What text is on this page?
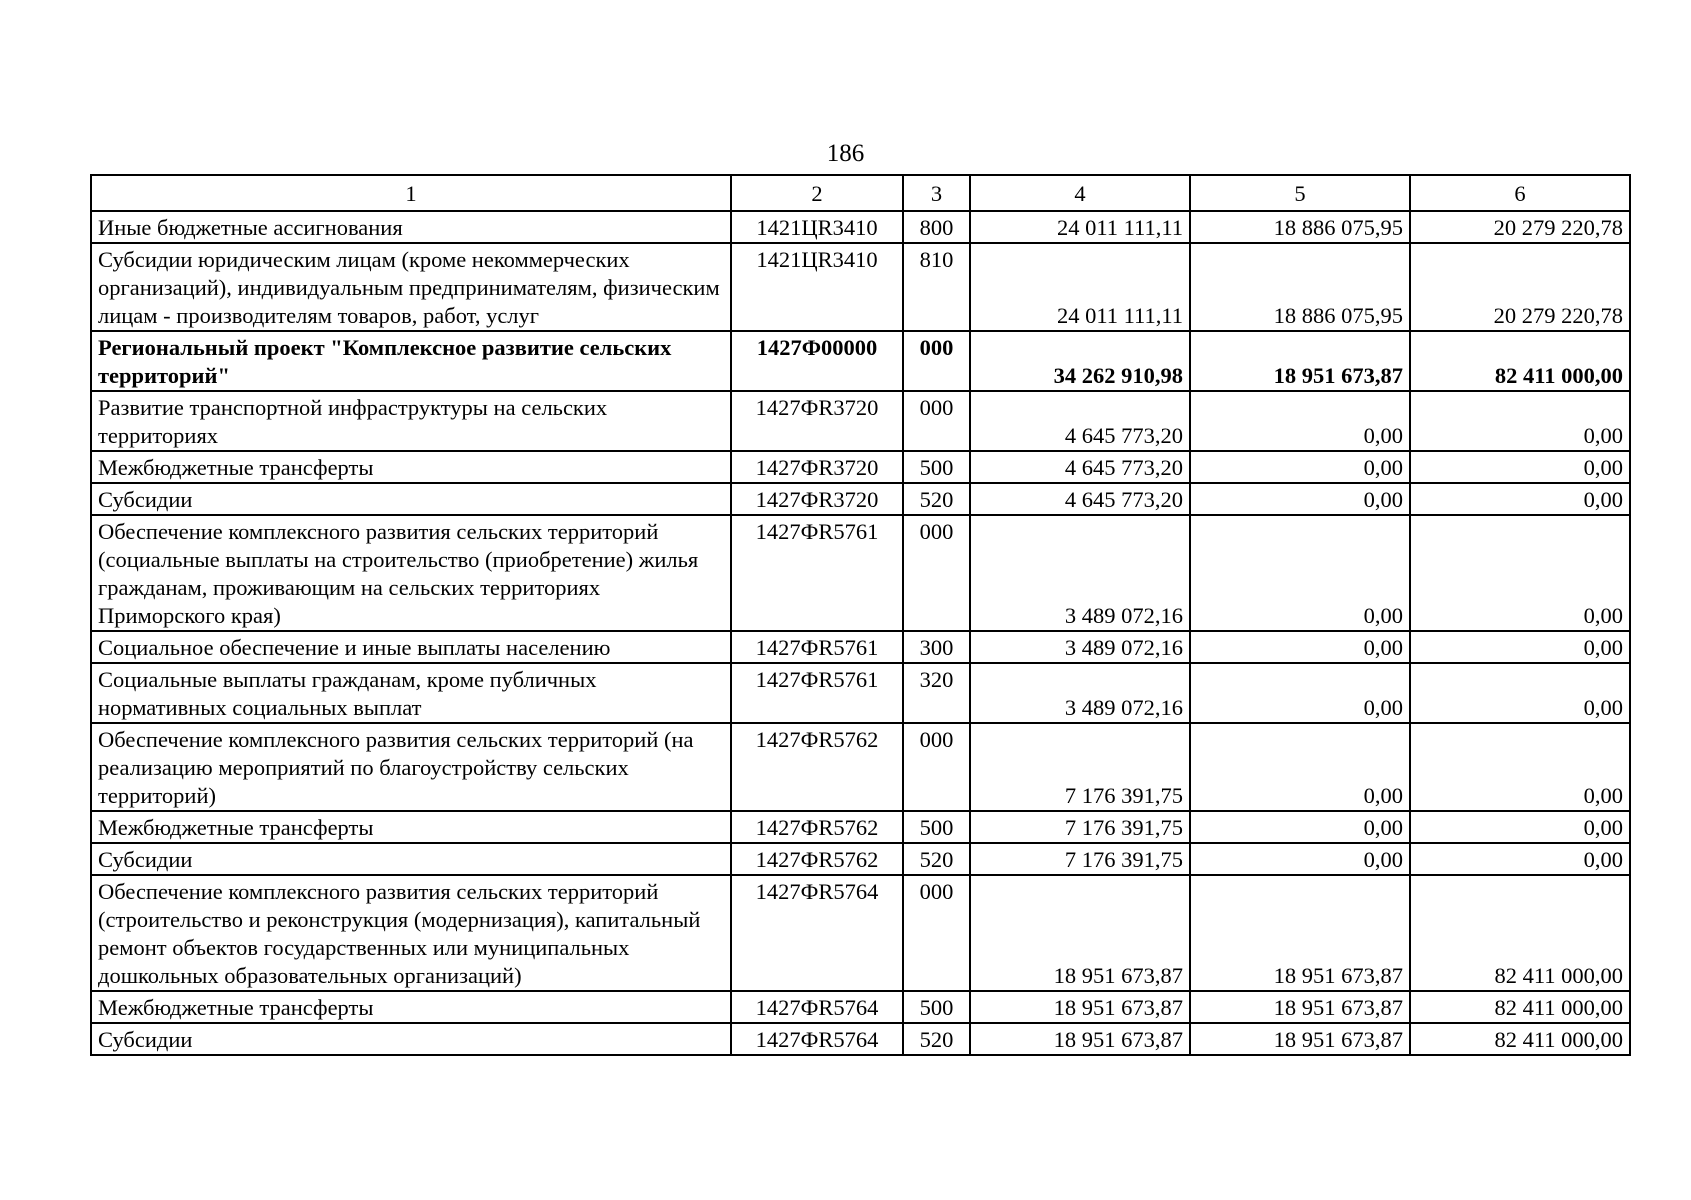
186
1	2	3	4	5	6
Иные бюджетные ассигнования	1421ЦR3410	800	24 011 111,11	18 886 075,95	20 279 220,78
Субсидии юридическим лицам (кроме некоммерческих организаций), индивидуальным предпринимателям, физическим лицам - производителям товаров, работ, услуг	1421ЦR3410	810	24 011 111,11	18 886 075,95	20 279 220,78
Региональный проект "Комплексное развитие сельских территорий"	1427Ф00000	000	34 262 910,98	18 951 673,87	82 411 000,00
Развитие транспортной инфраструктуры на сельских территориях	1427ФR3720	000	4 645 773,20	0,00	0,00
Межбюджетные трансферты	1427ФR3720	500	4 645 773,20	0,00	0,00
Субсидии	1427ФR3720	520	4 645 773,20	0,00	0,00
Обеспечение комплексного развития сельских территорий (социальные выплаты на строительство (приобретение) жилья гражданам, проживающим на сельских территориях Приморского края)	1427ФR5761	000	3 489 072,16	0,00	0,00
Социальное обеспечение и иные выплаты населению	1427ФR5761	300	3 489 072,16	0,00	0,00
Социальные выплаты гражданам, кроме публичных нормативных социальных выплат	1427ФR5761	320	3 489 072,16	0,00	0,00
Обеспечение комплексного развития сельских территорий (на реализацию мероприятий по благоустройству сельских территорий)	1427ФR5762	000	7 176 391,75	0,00	0,00
Межбюджетные трансферты	1427ФR5762	500	7 176 391,75	0,00	0,00
Субсидии	1427ФR5762	520	7 176 391,75	0,00	0,00
Обеспечение комплексного развития сельских территорий (строительство и реконструкция (модернизация), капитальный ремонт объектов государственных или муниципальных дошкольных образовательных организаций)	1427ФR5764	000	18 951 673,87	18 951 673,87	82 411 000,00
Межбюджетные трансферты	1427ФR5764	500	18 951 673,87	18 951 673,87	82 411 000,00
Субсидии	1427ФR5764	520	18 951 673,87	18 951 673,87	82 411 000,00
